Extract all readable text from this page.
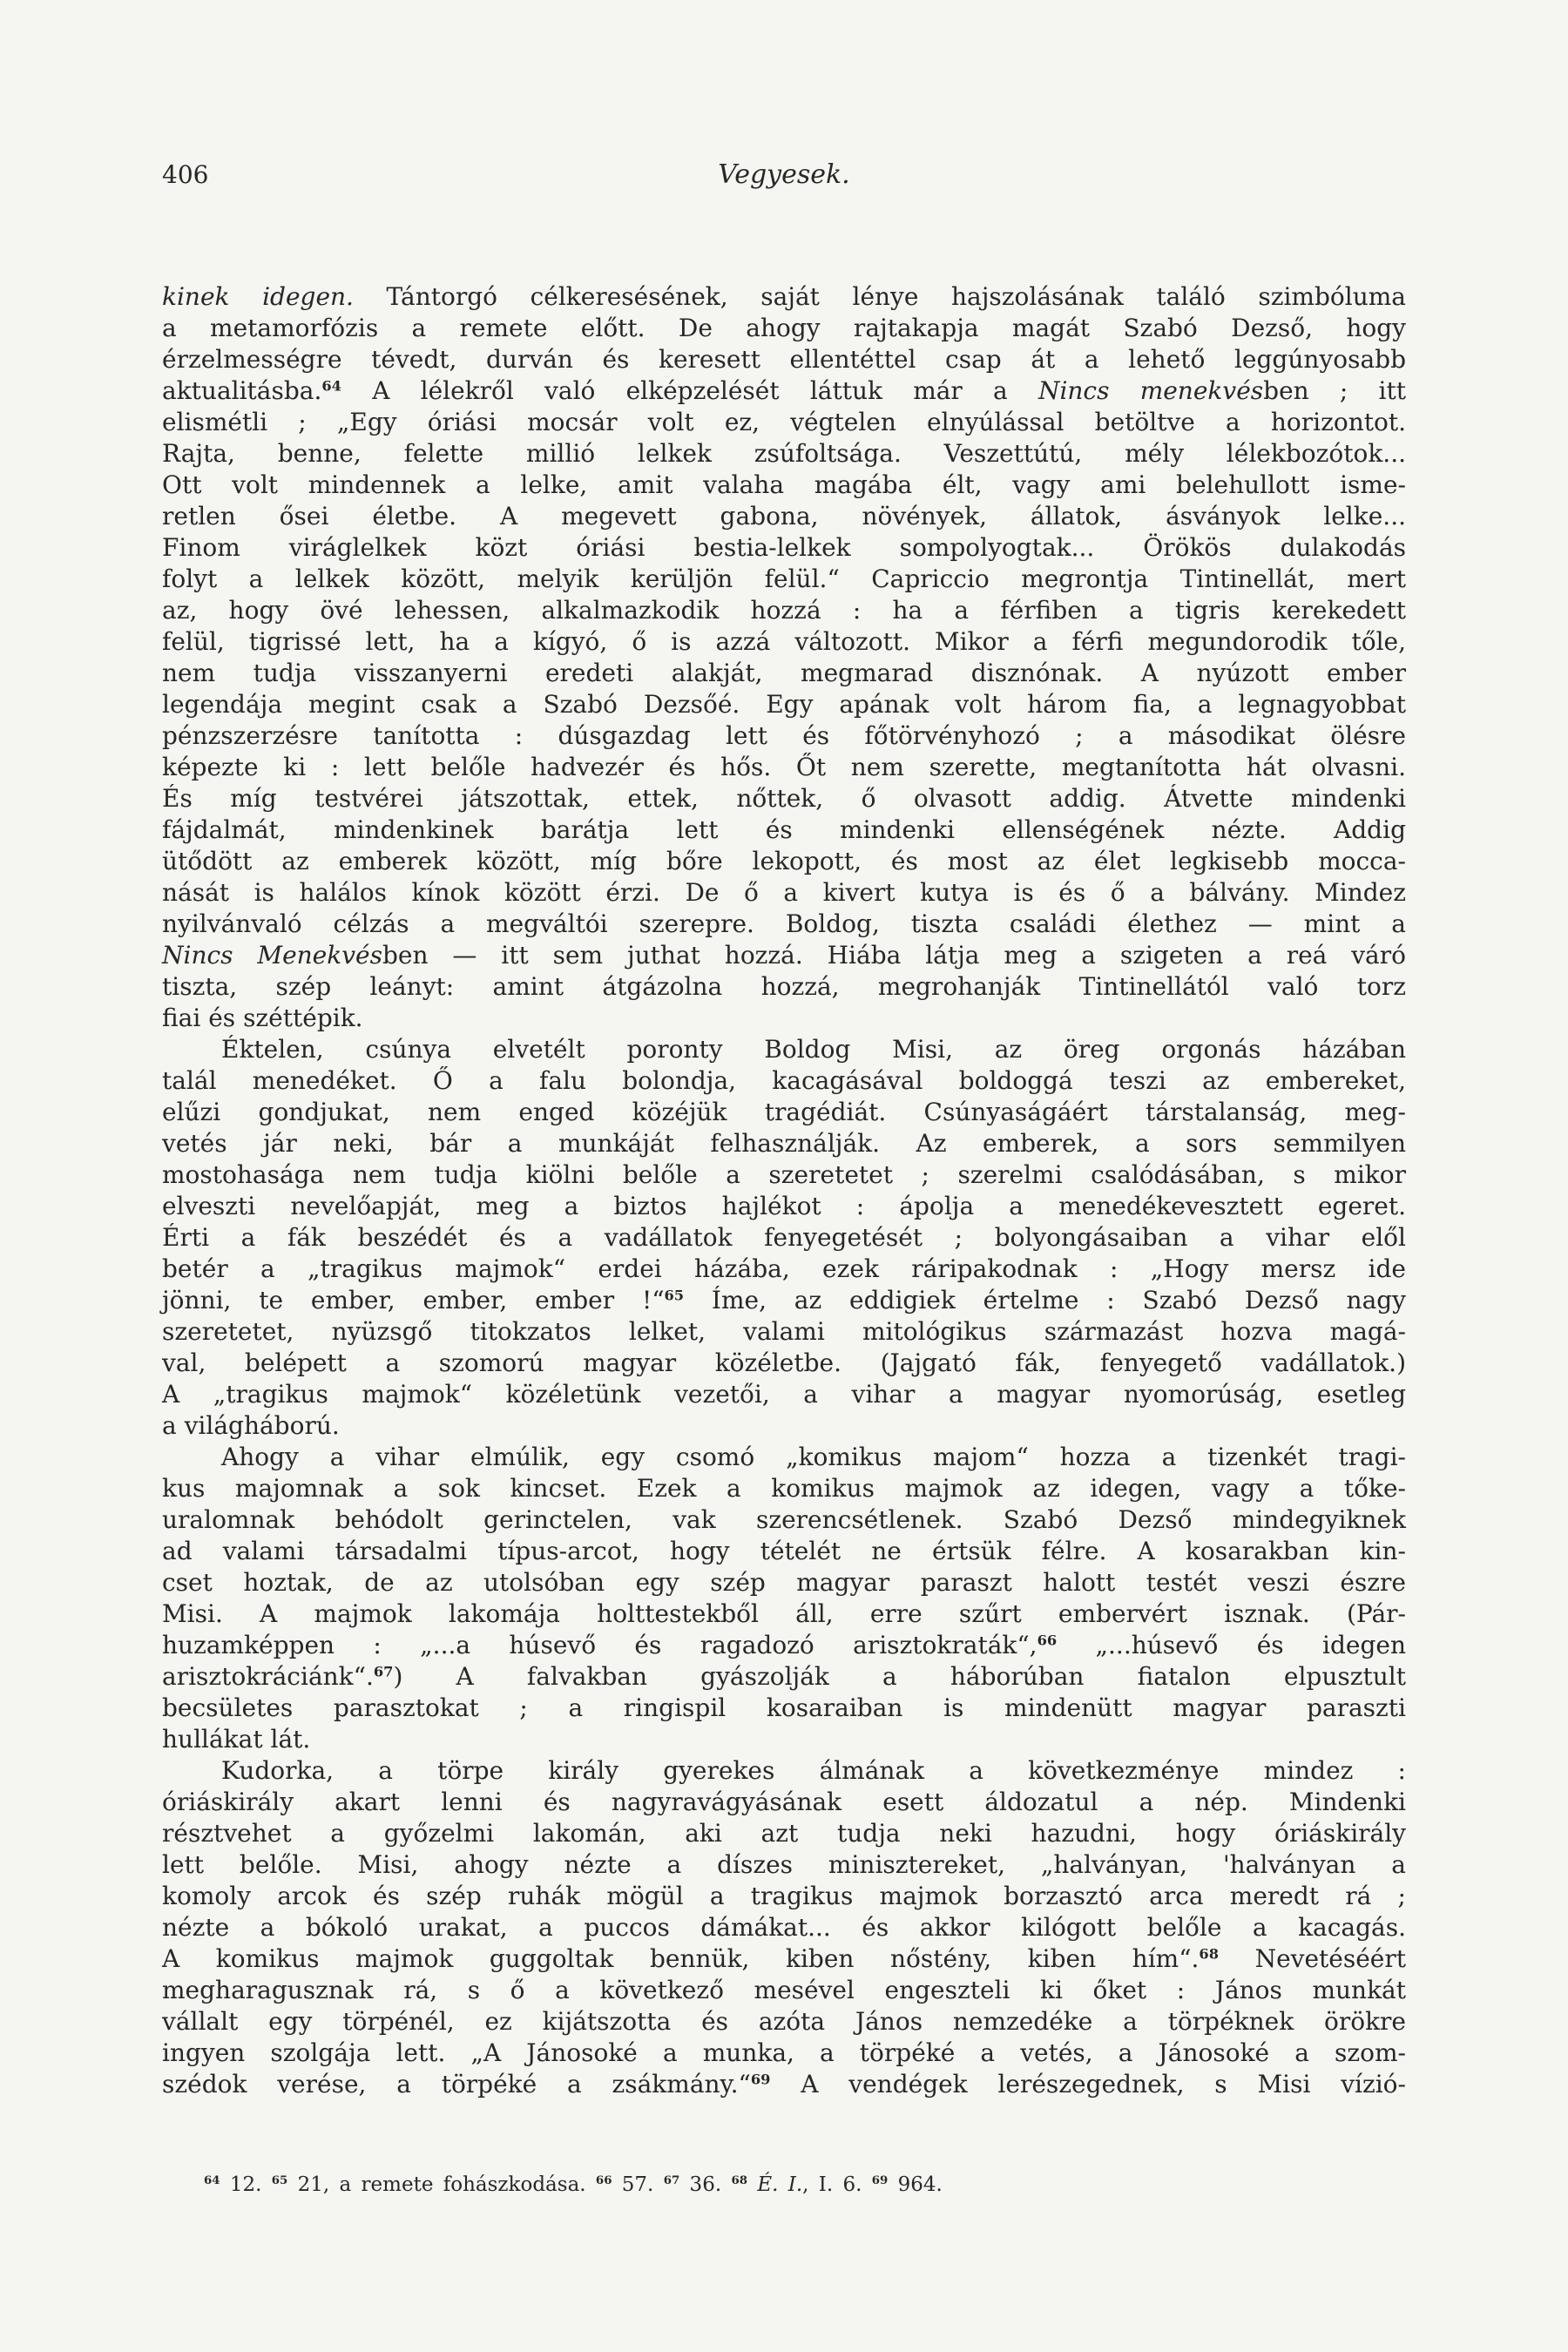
406	Vegyesek.
kinek idegen. Tántorgó célkeresésének, saját lénye hajszolásának találó szimbóluma
a metamorfózis a remete előtt. De ahogy rajtakapja magát Szabó Dezső, hogy
érzelmességre tévedt, durván és keresett ellentéttel csap át a lehető leggúnyosabb
aktualitásba.$^{64}$ A lélekről való elképzelését láttuk már a Nincs menekvésben ; itt
elismétli ; „Egy óriási mocsár volt ez, végtelen elnyúlással betöltve a horizontot.
Rajta, benne, felette millió lelkek zsúfoltsága. Veszettútú, mély lélekbozótok...
Ott volt mindennek a lelke, amit valaha magába élt, vagy ami belehullott isme-
retlen ősei életbe. A megevett gabona, növények, állatok, ásványok lelke...
Finom viráglelkek közt óriási bestia-lelkek sompolyogtak... Örökös dulakodás
folyt a lelkek között, melyik kerüljön felül.“ Capriccio megrontja Tintinellát, mert
az, hogy övé lehessen, alkalmazkodik hozzá : ha a férfiben a tigris kerekedett
felül, tigrissé lett, ha a kígyó, ő is azzá változott. Mikor a férfi megundorodik tőle,
nem tudja visszanyerni eredeti alakját, megmarad disznónak. A nyúzott ember
legendája megint csak a Szabó Dezsőé. Egy apának volt három fia, a legnagyobbat
pénzszerzésre tanította : dúsgazdag lett és főtörvényhozó ; a másodikat ölésre
képezte ki : lett belőle hadvezér és hős. Őt nem szerette, megtanította hát olvasni.
És míg testvérei játszottak, ettek, nőttek, ő olvasott addig. Átvette mindenki
fájdalmát, mindenkinek barátja lett és mindenki ellenségének nézte. Addig
ütődött az emberek között, míg bőre lekopott, és most az élet legkisebb mocca-
nását is halálos kínok között érzi. De ő a kivert kutya is és ő a bálvány. Mindez
nyilvánvaló célzás a megváltói szerepre. Boldog, tiszta családi élethez — mint a
Nincs Menekvésben — itt sem juthat hozzá. Hiába látja meg a szigeten a reá váró
tiszta, szép leányt: amint átgázolna hozzá, megrohanják Tintinellától való torz
fiai és széttépik.
Éktelen, csúnya elvetélt poronty Boldog Misi, az öreg orgonás házában
talál menedéket. Ő a falu bolondja, kacagásával boldoggá teszi az embereket,
elűzi gondjukat, nem enged közéjük tragédiát. Csúnyaságáért társtalanság, meg-
vetés jár neki, bár a munkáját felhasználják. Az emberek, a sors semmilyen
mostohasága nem tudja kiölni belőle a szeretetet ; szerelmi csalódásában, s mikor
elveszti nevelőapját, meg a biztos hajlékot : ápolja a menedékevesztett egeret.
Érti a fák beszédét és a vadállatok fenyegetését ; bolyongásaiban a vihar elől
betér a „tragikus majmok“ erdei házába, ezek ráripakodnak : „Hogy mersz ide
jönni, te ember, ember, ember !“$^{65}$ Íme, az eddigiek értelme : Szabó Dezső nagy
szeretetet, nyüzsgő titokzatos lelket, valami mitológikus származást hozva magá-
val, belépett a szomorú magyar közéletbe. (Jajgató fák, fenyegető vadállatok.)
A „tragikus majmok“ közéletünk vezetői, a vihar a magyar nyomorúság, esetleg
a világháború.
Ahogy a vihar elmúlik, egy csomó „komikus majom“ hozza a tizenkét tragi-
kus majomnak a sok kincset. Ezek a komikus majmok az idegen, vagy a tőke-
uralomnak behódolt gerinctelen, vak szerencsétlenek. Szabó Dezső mindegyiknek
ad valami társadalmi típus-arcot, hogy tételét ne értsük félre. A kosarakban kin-
cset hoztak, de az utolsóban egy szép magyar paraszt halott testét veszi észre
Misi. A majmok lakomája holttestekből áll, erre szűrt embervért isznak. (Pár-
huzamképpen : „...a húsevő és ragadozó arisztokraták“,$^{66}$ „...húsevő és idegen
arisztokráciánk“.$^{67}$) A falvakban gyászolják a háborúban fiatalon elpusztult
becsületes parasztokat ; a ringispil kosaraiban is mindenütt magyar paraszti
hullákat lát.
Kudorka, a törpe király gyerekes álmának a következménye mindez :
óriáskirály akart lenni és nagyravágyásának esett áldozatul a nép. Mindenki
résztvehet a győzelmi lakomán, aki azt tudja neki hazudni, hogy óriáskirály
lett belőle. Misi, ahogy nézte a díszes minisztereket, „halványan, 'halványan a
komoly arcok és szép ruhák mögül a tragikus majmok borzasztó arca meredt rá ;
nézte a bókoló urakat, a puccos dámákat... és akkor kilógott belőle a kacagás.
A komikus majmok guggoltak bennük, kiben nőstény, kiben hím“.$^{68}$ Nevetéséért
megharagusznak rá, s ő a következő mesével engeszteli ki őket : János munkát
vállalt egy törpénél, ez kijátszotta és azóta János nemzedéke a törpéknek örökre
ingyen szolgája lett. „A Jánosoké a munka, a törpéké a vetés, a Jánosoké a szom-
szédok verése, a törpéké a zsákmány.“$^{69}$ A vendégek lerészegednek, s Misi vízió-
$^{64}$ 12. $^{65}$ 21, a remete fohászkodása. $^{66}$ 57. $^{67}$ 36. $^{68}$ É. I., I. 6. $^{69}$ 964.
